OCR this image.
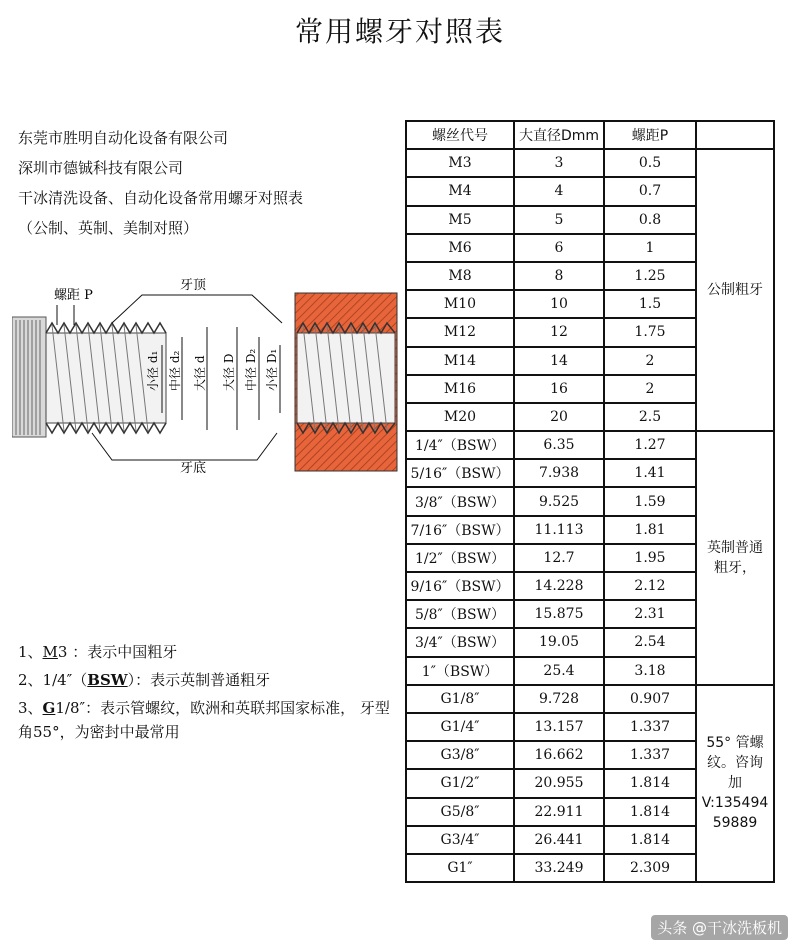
常用螺牙对照表
东莞市胜明自动化设备有限公司
深圳市德铖科技有限公司
干冰清洗设备、自动化设备常用螺牙对照表
（公制、英制、美制对照）
小径 d₁ 中径 d₂ 大径 d
螺距 P
牙顶
牙底
大径 D 中径 D₂ 小径 D₁
1、M3 ：表示中国粗牙
2、1/4″（BSW）：表示英制普通粗牙
3、G1/8″：表示管螺纹，欧洲和英联邦国家标准， 牙型角55°，为密封中最常用
螺丝代号	大直径Dmm	螺距P	
M3	3	0.5	公制粗牙

M4	4	0.7	
M5	5	0.8	
M6	6	1	
M8	8	1.25	
M10	10	1.5	
M12	12	1.75	
M14	14	2	
M16	16	2	
M20	20	2.5	
1/4″（BSW）	6.35	1.27	英制普通
粗牙，

5/16″（BSW）	7.938	1.41	
3/8″（BSW）	9.525	1.59	
7/16″（BSW）	11.113	1.81	
1/2″（BSW）	12.7	1.95	
9/16″（BSW）	14.228	2.12	
5/8″（BSW）	15.875	2.31	
3/4″（BSW）	19.05	2.54	
1″（BSW）	25.4	3.18	
G1/8″	9.728	0.907	55° 管螺
纹。咨询
加
V:135494
59889

G1/4″	13.157	1.337	
G3/8″	16.662	1.337	
G1/2″	20.955	1.814	
G5/8″	22.911	1.814	
G3/4″	26.441	1.814	
G1″	33.249	2.309	
头条 @干冰洗板机
